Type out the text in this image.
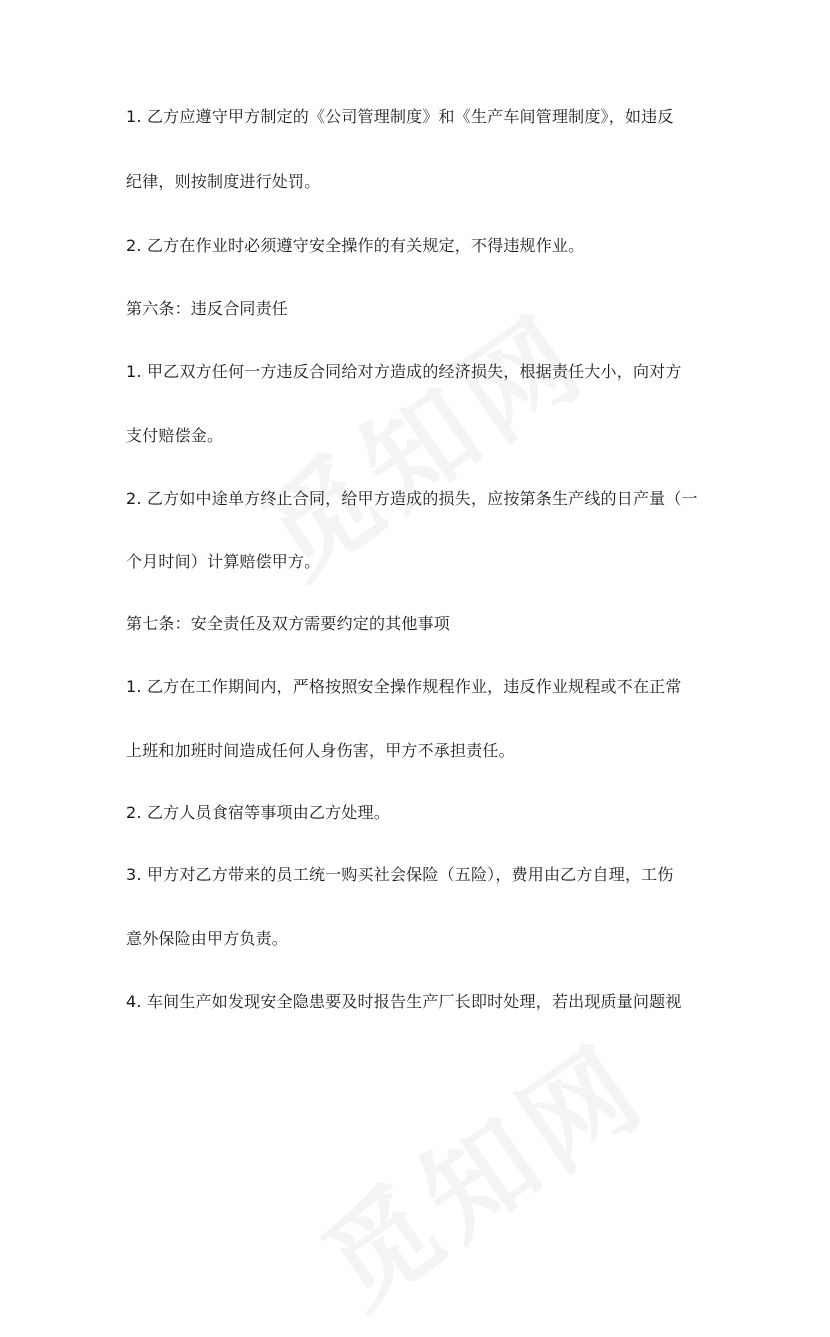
1. 乙方应遵守甲方制定的《公司管理制度》和《生产车间管理制度》，如违反
纪律，则按制度进行处罚。
2. 乙方在作业时必须遵守安全操作的有关规定，不得违规作业。
第六条：违反合同责任
1. 甲乙双方任何一方违反合同给对方造成的经济损失，根据责任大小，向对方
支付赔偿金。
2. 乙方如中途单方终止合同，给甲方造成的损失，应按第条生产线的日产量（一
个月时间）计算赔偿甲方。
第七条：安全责任及双方需要约定的其他事项
1. 乙方在工作期间内，严格按照安全操作规程作业，违反作业规程或不在正常
上班和加班时间造成任何人身伤害，甲方不承担责任。
2. 乙方人员食宿等事项由乙方处理。
3. 甲方对乙方带来的员工统一购买社会保险（五险），费用由乙方自理，工伤
意外保险由甲方负责。
4. 车间生产如发现安全隐患要及时报告生产厂长即时处理，若出现质量问题视
